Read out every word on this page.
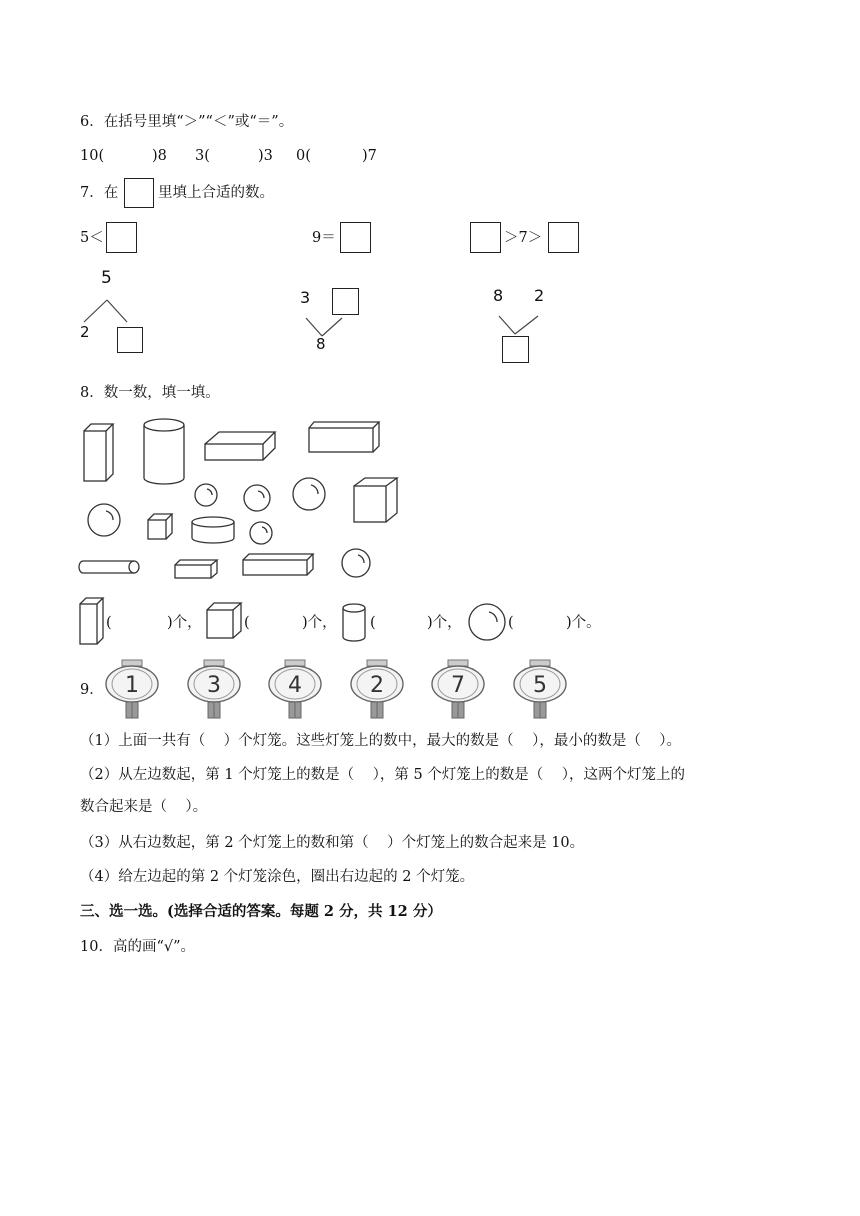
6．在括号里填“＞”“＜”或“＝”。
10(	)8 3(	)3 0(	)7
7．在	里填上合适的数。
5＜	9＝	＞7＞
5
2
3
8
8 2
8．数一数，填一填。
(	)个，	(	)个， (	)个，	(	)个。
9． 1	3	4	2	7	5
（1）上面一共有（    ）个灯笼。这些灯笼上的数中，最大的数是（    ），最小的数是（    ）。
（2）从左边数起，第 1 个灯笼上的数是（    ），第 5 个灯笼上的数是（    ），这两个灯笼上的
数合起来是（    ）。
（3）从右边数起，第 2 个灯笼上的数和第（    ）个灯笼上的数合起来是 10。
（4）给左边起的第 2 个灯笼涂色，圈出右边起的 2 个灯笼。
三、选一选。(选择合适的答案。每题 2 分，共 12 分）
10．高的画“√”。
